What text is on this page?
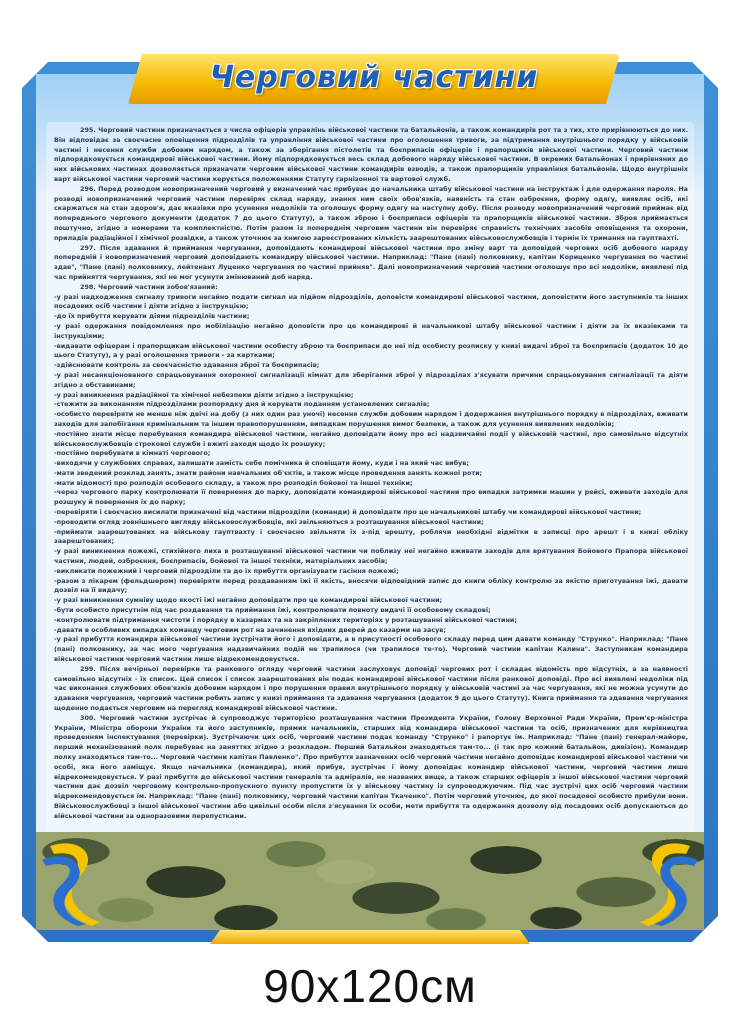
Черговий частини

295. Черговий частини призначається з числа офіцерів управлінь військової частини та батальйонів, а також командирів рот та з тих, хто прирівнюються до них. Він відповідає за своєчасне оповіщення підрозділів та управління військової частини про оголошення тривоги, за підтримання внутрішнього порядку у військовій частині і несення служби добовим нарядом, а також за зберігання пістолетів та боєприпасів офіцерів і прапорщиків військової частини. Черговий частини підпорядковується командирові військової частини. Йому підпорядковується весь склад добового наряду військової частини. В окремих батальйонах і прирівняних до них військових частинах дозволяється призначати черговим військової частини командирів взводів, а також прапорщиків управління батальйонів. Щодо внутрішніх варт військової частини черговий частини керується положеннями Статуту гарнізонної та вартової служб.

296. Перед розводом новопризначений черговий у визначений час прибуває до начальника штабу військової частини на інструктаж і для одержання пароля. На розводі новопризначений черговий частини перевіряє склад наряду, знання ним своїх обов'язків, наявність та стан озброєння, форму одягу, виявляє осіб, які скаржаться на стан здоров'я, дає вказівки про усунення недоліків та оголошує форму одягу на наступну добу. Після розводу новопризначений черговий приймає від попереднього чергового документи (додаток 7 до цього Статуту), а також зброю і боєприпаси офіцерів та прапорщиків військової частини. Зброя приймається поштучно, згідно з номерами та комплектністю. Потім разом із попереднім черговим частини він перевіряє справність технічних засобів оповіщення та охорони, приладів радіаційної і хімічної розвідки, а також уточнює за книгою зареєстрованих кількість заарештованих військовослужбовців і термін їх тримання на гауптвахті.

297. Після здавання й приймання чергування, доповідають командирові військової частини про зміну варт та доповідей чергових осіб добового наряду попередній і новопризначений черговий доповідають командиру військової частини. Наприклад: "Пане (пані) полковнику, капітан Кориценко чергування по частині здав", "Пане (пані) полковнику, лейтенант Луценко чергування по частині прийняв". Далі новопризначений черговий частини оголошує про всі недоліки, виявлені під час прийняття чергування, які не мог усунути змінюваний доб наряд.

298. Черговий частини зобов'язаний:

-у разі надходження сигналу тривоги негайно подати сигнал на підйом підрозділів, доповісти командирові військової частини, доповістити його заступників та інших посадових осіб частини і діяти згідно з інструкцією;

-до їх прибуття керувати діями підрозділів частини;

-у разі одержання повідомлення про мобілізацію негайно доповісти про це командирові й начальникові штабу військової частини і діяти за їх вказівками та інструкціями;

-видавати офіцерам і прапорщикам військової частини особисту зброю та боєприпаси до неї під особисту розписку у книзі видачі зброї та боєприпасів (додаток 10 до цього Статуту), а у разі оголошення тривоги - за картками;

-здійснювати контроль за своєчасністю здавання зброї та боєприпасів;

-у разі несанкціонованого спрацьовування охоронної сигналізації кімнат для зберігання зброї у підрозділах з'ясувати причини спрацьовування сигналізації та діяти згідно з обставинами;

-у разі виникнення радіаційної та хімічної небезпеки діяти згідно з інструкцією;

-стежити за виконанням підрозділами розпорядку дня й керувати поданням установлених сигналів;

-особисто перевіряти не менше ніж двічі на добу (з них один раз уночі) несення служби добовим нарядом і додержання внутрішнього порядку в підрозділах, вживати заходів для запобігання кримінальним та іншим правопорушенням, випадкам порушення вимог безпеки, а також для усунення виявлених недоліків;

-постійно знати місце перебування командира військової частини, негайно доповідати йому про всі надзвичайні події у військовій частині, про самовільно відсутніх військовослужбовців строкової служби і вжиті заходи щодо їх розшуку;

-постійно перебувати в кімнаті чергового;

-виходячи у службових справах, залишати замість себе помічника й сповіщати йому, куди і на який час вибув;

-мати зведений розклад занять, знати райони навчальних об'єктів, а також місце проведення занять кожної роти;

-мати відомості про розподіл особового складу, а також про розподіл бойової та іншої техніки;

-через чергового парку контролювати її повернення до парку, доповідати командирові військової частини про випадки затримки машин у рейсі, вживати заходів для розшуку й повернення їх до парку;

-перевіряти і своєчасно висилати призначені від частини підрозділи (команди) й доповідати про це начальникові штабу чи командирові військової частини;

-проводити огляд зовнішнього вигляду військовослужбовців, які звільняються з розташування військової частини;

-приймати заарештованих на військову гауптвахту і своєчасно звільняти їх з-під арешту, роблячи необхідні відмітки в записці про арешт і в книзі обліку заарештованих;

-у разі виникнення пожежі, стихійного лиха в розташуванні військової частини чи поблизу неї негайно вживати заходів для врятування Бойового Прапора військової частини, людей, озброєння, боєприпасів, бойової та іншої техніки, матеріальних засобів;

-викликати пожежний і черговий підрозділи та до їх прибуття організувати гасіння пожежі;

-разом з лікарем (фельдшером) перевіряти перед роздаванням їжі її якість, вносячи відповідний запис до книги обліку контролю за якістю приготування їжі, давати дозвіл на її видачу;

-у разі виникнення сумніву щодо якості їжі негайно доповідати про це командирові військової частини;

-бути особисто присутнім під час роздавання та приймання їжі, контролювати повноту видачі її особовому складові;

-контролювати підтримання чистоти і порядку в казармах та на закріплених територіях у розташуванні військової частини;

-давати в особливих випадках команду черговим рот на зачинення вхідних дверей до казарми на засув;

-у разі прибуття командира військової частини зустрічати його і доповідати, а в присутності особового складу перед цим давати команду "Струнко". Наприклад: "Пане (пані) полковнику, за час мого чергування надзвичайних подій не трапилося (чи трапилося те-то). Черговий частини капітан Калина". Заступникам командира військової частини черговий частини лише відрекомендовується.

299. Після вечірньої перевірки та ранкового огляду черговий частини заслуховує доповіді чергових рот і складає відомість про відсутніх, а за наявності самовільно відсутніх - їх список. Цей список і список заарештованих він подає командирові військової частини після ранкової доповіді. Про всі виявлені недоліки під час виконання службових обов'язків добовим нарядом і про порушення правил внутрішнього порядку у військовій частині за час чергування, які не можна усунути до здавання чергування, черговий частини робить запис у книзі приймання та здавання чергування (додаток 9 до цього Статуту). Книга приймання та здавання чергування щоденно подається черговим на перегляд командирові військової частини.

300. Черговий частини зустрічає й супроводжує територією розташування частини Президента України, Голову Верховної Ради України, Прем'єр-міністра України, Міністра оборони України та його заступників, прямих начальників, старших від командира військової частини та осіб, призначених для керівництва проведенням інспектування (перевірки). Зустрічаючи цих осіб, черговий частини подає команду "Струнко" і рапортує їм. Наприклад: "Пане (пані) генерал-майоре, перший механізований полк перебуває на заняттях згідно з розкладом. Перший батальйон знаходиться там-то... (і так про кожний батальйон, дивізіон). Командир полку знаходиться там-то... Черговий частини капітан Павленко". Про прибуття зазначених осіб черговий частини негайно доповідає командирові військової частини чи особі, яка його заміщує. Якщо начальника (командира), який прибув, зустрічає і йому доповідає командир військової частини, черговий частини лише відрекомендовується. У разі прибуття до військової частини генералів та адміралів, не названих вище, а також старших офіцерів з іншої військової частини черговий частини дає дозвіл черговому контрольно-пропускного пункту пропустити їх у військову частину із супроводжуючим. Під час зустрічі цих осіб черговий частини відрекомендовується їм. Наприклад: "Пане (пані) полковнику, черговий частини капітан Ткаченко". Потім черговий уточнює, до якої посадової особисто прибули вони. Військовослужбовці з іншої військової частини або цивільні особи після з'ясування їх особи, мети прибуття та одержання дозволу від посадових осіб допускаються до військової частини за одноразовими перепустками.

90x120см
